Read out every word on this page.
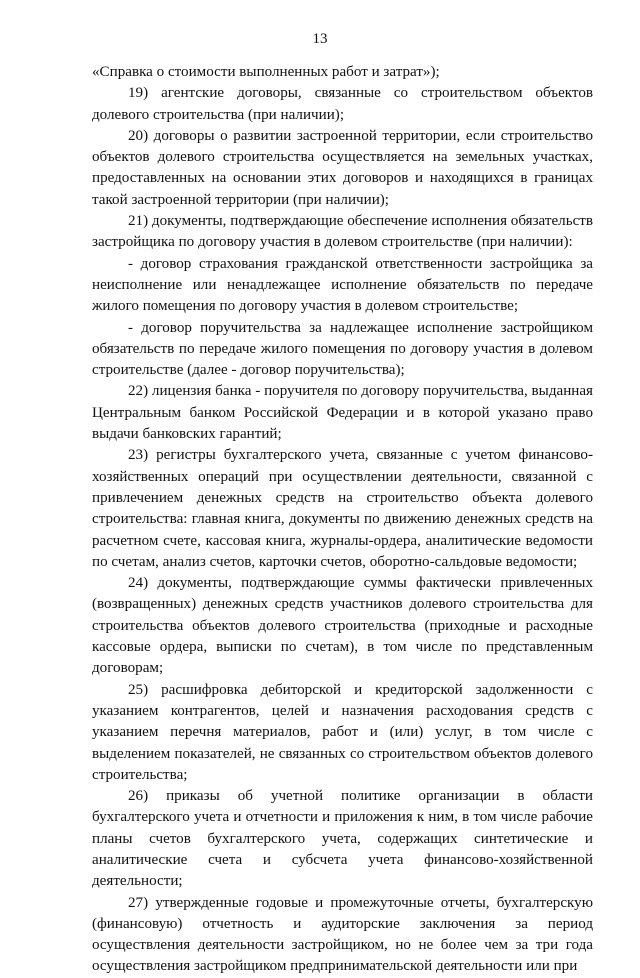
13

«Справка о стоимости выполненных работ и затрат»);

19) агентские договоры, связанные со строительством объектов долевого строительства (при наличии);

20) договоры о развитии застроенной территории, если строительство объектов долевого строительства осуществляется на земельных участках, предоставленных на основании этих договоров и находящихся в границах такой застроенной территории (при наличии);

21) документы, подтверждающие обеспечение исполнения обязательств застройщика по договору участия в долевом строительстве (при наличии):

- договор страхования гражданской ответственности застройщика за неисполнение или ненадлежащее исполнение обязательств по передаче жилого помещения по договору участия в долевом строительстве;

- договор поручительства за надлежащее исполнение застройщиком обязательств по передаче жилого помещения по договору участия в долевом строительстве (далее - договор поручительства);

22) лицензия банка - поручителя по договору поручительства, выданная Центральным банком Российской Федерации и в которой указано право выдачи банковских гарантий;

23) регистры бухгалтерского учета, связанные с учетом финансово-хозяйственных операций при осуществлении деятельности, связанной с привлечением денежных средств на строительство объекта долевого строительства: главная книга, документы по движению денежных средств на расчетном счете, кассовая книга, журналы-ордера, аналитические ведомости по счетам, анализ счетов, карточки счетов, оборотно-сальдовые ведомости;

24) документы, подтверждающие суммы фактически привлеченных (возвращенных) денежных средств участников долевого строительства для строительства объектов долевого строительства (приходные и расходные кассовые ордера, выписки по счетам), в том числе по представленным договорам;

25) расшифровка дебиторской и кредиторской задолженности с указанием контрагентов, целей и назначения расходования средств с указанием перечня материалов, работ и (или) услуг, в том числе с выделением показателей, не связанных со строительством объектов долевого строительства;

26) приказы об учетной политике организации в области бухгалтерского учета и отчетности и приложения к ним, в том числе рабочие планы счетов бухгалтерского учета, содержащих синтетические и аналитические счета и субсчета учета финансово-хозяйственной деятельности;

27) утвержденные годовые и промежуточные отчеты, бухгалтерскую (финансовую) отчетность и аудиторские заключения за период осуществления деятельности застройщиком, но не более чем за три года осуществления застройщиком предпринимательской деятельности или при
